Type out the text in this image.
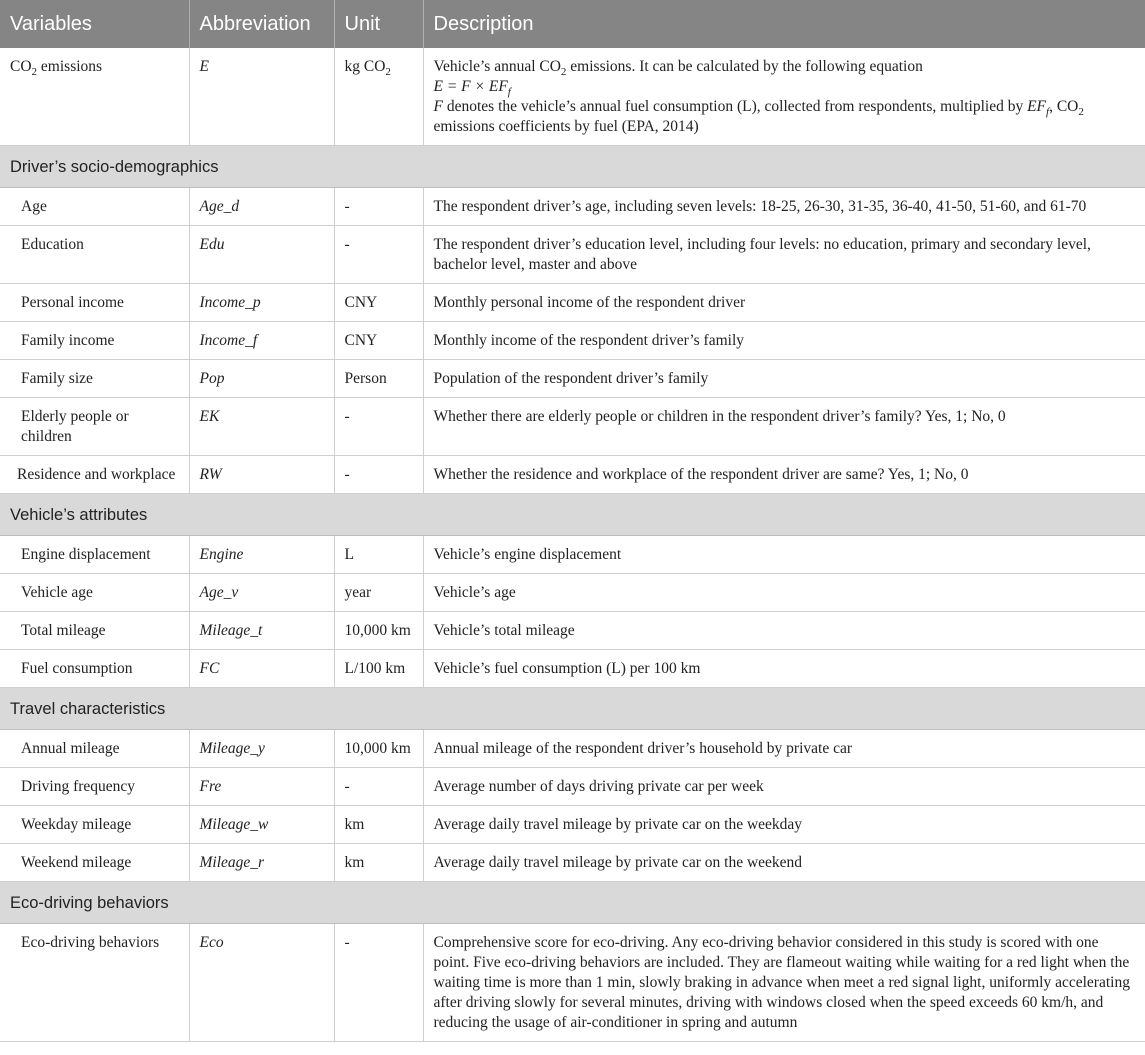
Variables	Abbreviation	Unit	Description
$CO_2$ emissions	E	kg $CO_2$	Vehicle’s annual $CO_2$ emissions. It can be calculated by the following equation
$E = F \times EF_f$
F denotes the vehicle’s annual fuel consumption (L), collected from respondents, multiplied by $EF_f$, $CO_2$ emissions coefficients by fuel (EPA, 2014)

Driver’s socio-demographics			
Age	Age_d	-	The respondent driver’s age, including seven levels: 18-25, 26-30, 31-35, 36-40, 41-50, 51-60, and 61-70
Education	Edu	-	The respondent driver’s education level, including four levels: no education, primary and secondary level, bachelor level, master and above
Personal income	Income_p	CNY	Monthly personal income of the respondent driver
Family income	Income_f	CNY	Monthly income of the respondent driver’s family
Family size	Pop	Person	Population of the respondent driver’s family
Elderly people or children	EK	-	Whether there are elderly people or children in the respondent driver’s family? Yes, 1; No, 0
Residence and workplace	RW	-	Whether the residence and workplace of the respondent driver are same? Yes, 1; No, 0
Vehicle’s attributes			
Engine displacement	Engine	L	Vehicle’s engine displacement
Vehicle age	Age_v	year	Vehicle’s age
Total mileage	Mileage_t	10,000 km	Vehicle’s total mileage
Fuel consumption	FC	L/100 km	Vehicle’s fuel consumption (L) per 100 km
Travel characteristics			
Annual mileage	Mileage_y	10,000 km	Annual mileage of the respondent driver’s household by private car
Driving frequency	Fre	-	Average number of days driving private car per week
Weekday mileage	Mileage_w	km	Average daily travel mileage by private car on the weekday
Weekend mileage	Mileage_r	km	Average daily travel mileage by private car on the weekend
Eco-driving behaviors			
Eco-driving behaviors	Eco	-	Comprehensive score for eco-driving. Any eco-driving behavior considered in this study is scored with one point. Five eco-driving behaviors are included. They are flameout waiting while waiting for a red light when the waiting time is more than 1 min, slowly braking in advance when meet a red signal light, uniformly accelerating after driving slowly for several minutes, driving with windows closed when the speed exceeds 60 km/h, and reducing the usage of air-conditioner in spring and autumn
